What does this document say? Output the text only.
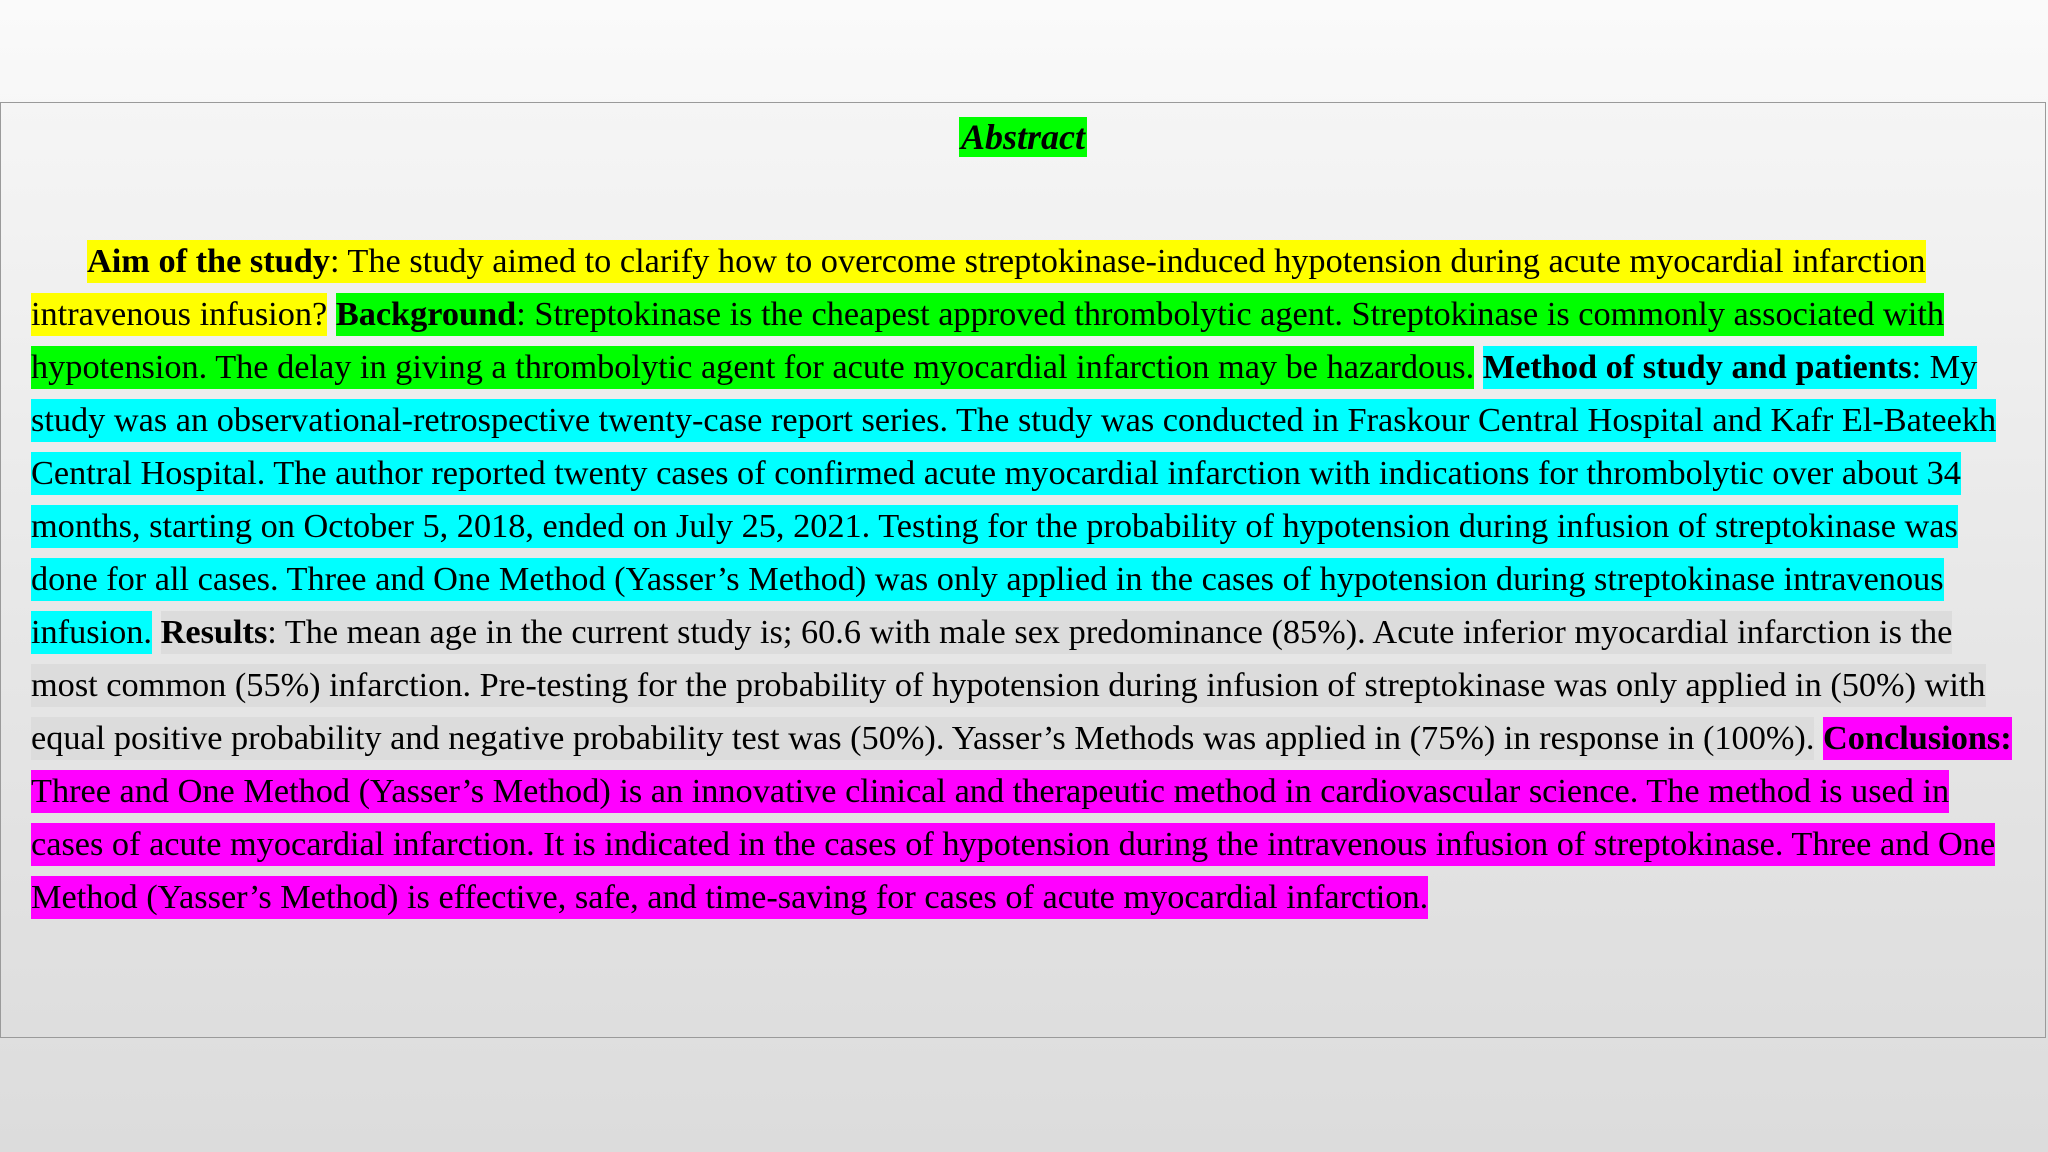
Abstract
Aim of the study: The study aimed to clarify how to overcome streptokinase-induced hypotension during acute myocardial infarction intravenous infusion? Background: Streptokinase is the cheapest approved thrombolytic agent. Streptokinase is commonly associated with hypotension. The delay in giving a thrombolytic agent for acute myocardial infarction may be hazardous. Method of study and patients: My study was an observational-retrospective twenty-case report series. The study was conducted in Fraskour Central Hospital and Kafr El-Bateekh Central Hospital. The author reported twenty cases of confirmed acute myocardial infarction with indications for thrombolytic over about 34 months, starting on October 5, 2018, ended on July 25, 2021. Testing for the probability of hypotension during infusion of streptokinase was done for all cases. Three and One Method (Yasser’s Method) was only applied in the cases of hypotension during streptokinase intravenous infusion. Results: The mean age in the current study is; 60.6 with male sex predominance (85%). Acute inferior myocardial infarction is the most common (55%) infarction. Pre-testing for the probability of hypotension during infusion of streptokinase was only applied in (50%) with equal positive probability and negative probability test was (50%). Yasser’s Methods was applied in (75%) in response in (100%). Conclusions: Three and One Method (Yasser’s Method) is an innovative clinical and therapeutic method in cardiovascular science. The method is used in cases of acute myocardial infarction. It is indicated in the cases of hypotension during the intravenous infusion of streptokinase. Three and One Method (Yasser’s Method) is effective, safe, and time-saving for cases of acute myocardial infarction.
